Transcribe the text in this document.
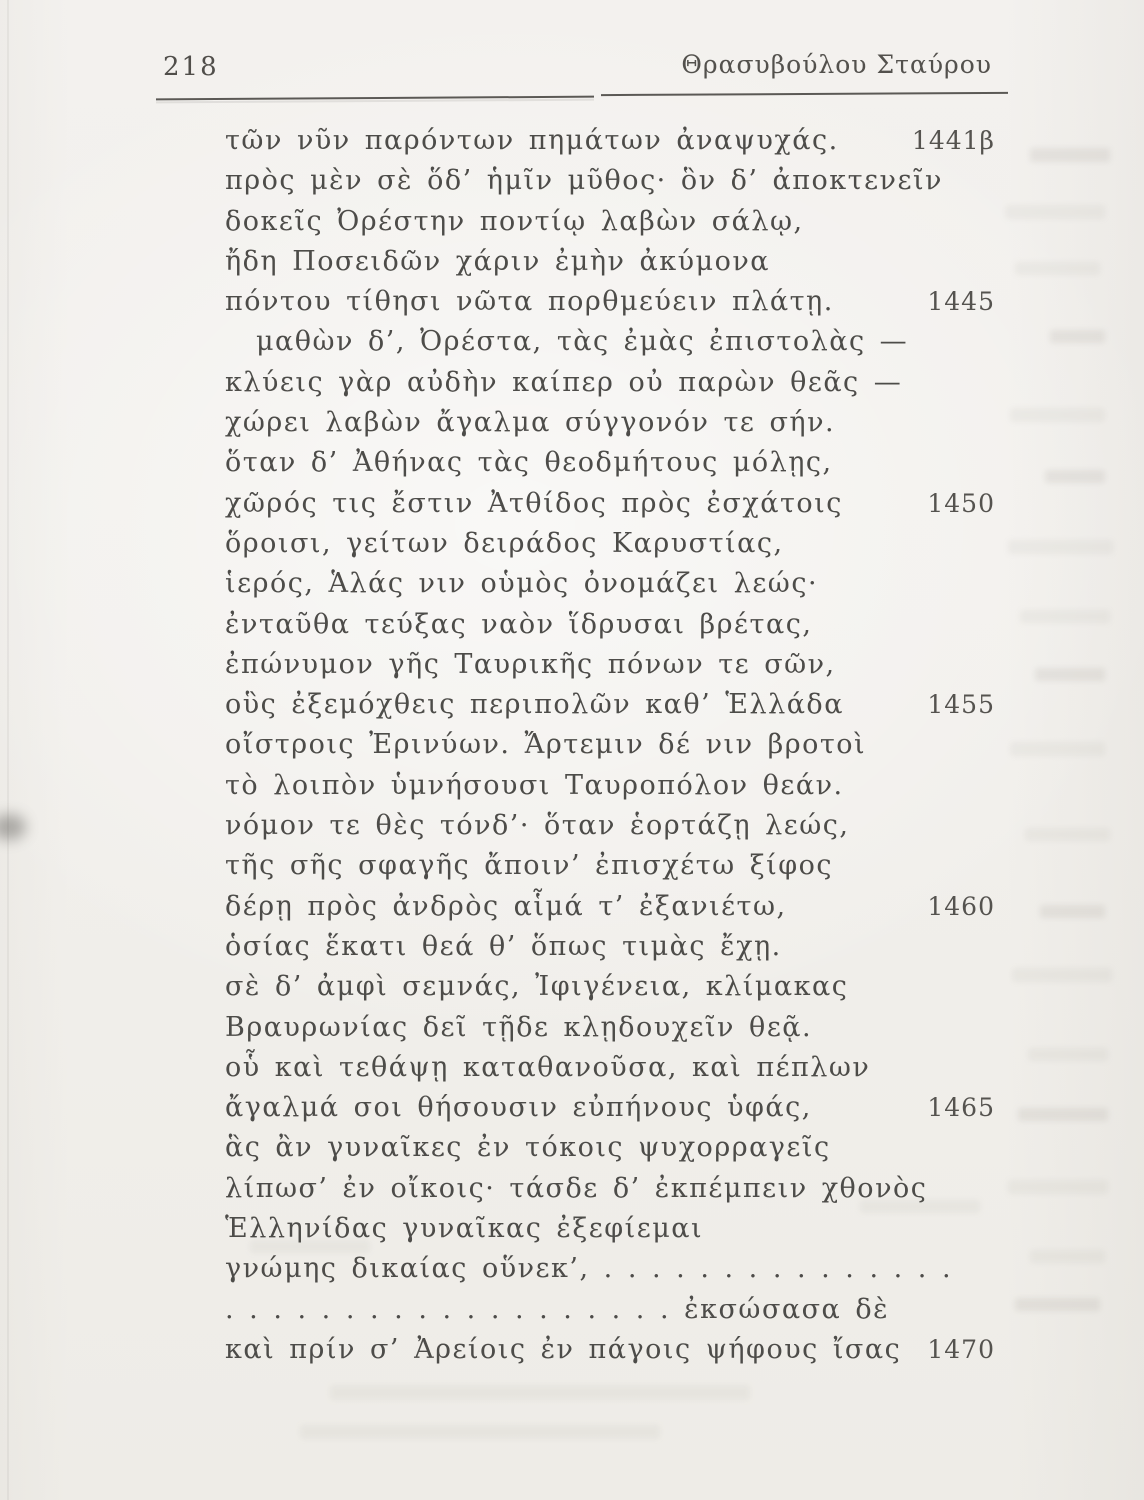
218	Θρασυβούλου Σταύρου
τῶν νῦν παρόντων πημάτων ἀναψυχάς.	1441β
πρὸς μὲν σὲ ὅδ’ ἡμῖν μῦθος· ὃν δ’ ἀποκτενεῖν
δοκεῖς Ὀρέστην ποντίῳ λαβὼν σάλῳ,
ἤδη Ποσειδῶν χάριν ἐμὴν ἀκύμονα
πόντου τίθησι νῶτα πορθμεύειν πλάτῃ.	1445
μαθὼν δ’, Ὀρέστα, τὰς ἐμὰς ἐπιστολὰς —
κλύεις γὰρ αὐδὴν καίπερ οὐ παρὼν θεᾶς —
χώρει λαβὼν ἄγαλμα σύγγονόν τε σήν.
ὅταν δ’ Ἀθήνας τὰς θεοδμήτους μόλῃς,
χῶρός τις ἔστιν Ἀτθίδος πρὸς ἐσχάτοις	1450
ὅροισι, γείτων δειράδος Καρυστίας,
ἱερός, Ἁλάς νιν οὑμὸς ὀνομάζει λεώς·
ἐνταῦθα τεύξας ναὸν ἵδρυσαι βρέτας,
ἐπώνυμον γῆς Ταυρικῆς πόνων τε σῶν,
οὓς ἐξεμόχθεις περιπολῶν καθ’ Ἑλλάδα	1455
οἴστροις Ἐρινύων. Ἄρτεμιν δέ νιν βροτοὶ
τὸ λοιπὸν ὑμνήσουσι Ταυροπόλον θεάν.
νόμον τε θὲς τόνδ’· ὅταν ἑορτάζῃ λεώς,
τῆς σῆς σφαγῆς ἄποιν’ ἐπισχέτω ξίφος
δέρῃ πρὸς ἀνδρὸς αἷμά τ’ ἐξανιέτω,	1460
ὁσίας ἕκατι θεά θ’ ὅπως τιμὰς ἔχῃ.
σὲ δ’ ἀμφὶ σεμνάς, Ἰφιγένεια, κλίμακας
Βραυρωνίας δεῖ τῇδε κλῃδουχεῖν θεᾷ.
οὗ καὶ τεθάψῃ καταθανοῦσα, καὶ πέπλων
ἄγαλμά σοι θήσουσιν εὐπήνους ὑφάς,	1465
ἃς ἂν γυναῖκες ἐν τόκοις ψυχορραγεῖς
λίπωσ’ ἐν οἴκοις· τάσδε δ’ ἐκπέμπειν χθονὸς
Ἑλληνίδας γυναῖκας ἐξεφίεμαι
γνώμης δικαίας οὕνεκ’, . . . . . . . . . . . . . . .
. . . . . . . . . . . . . . . . . . . ἐκσώσασα δὲ
καὶ πρίν σ’ Ἀρείοις ἐν πάγοις ψήφους ἴσας 1470
